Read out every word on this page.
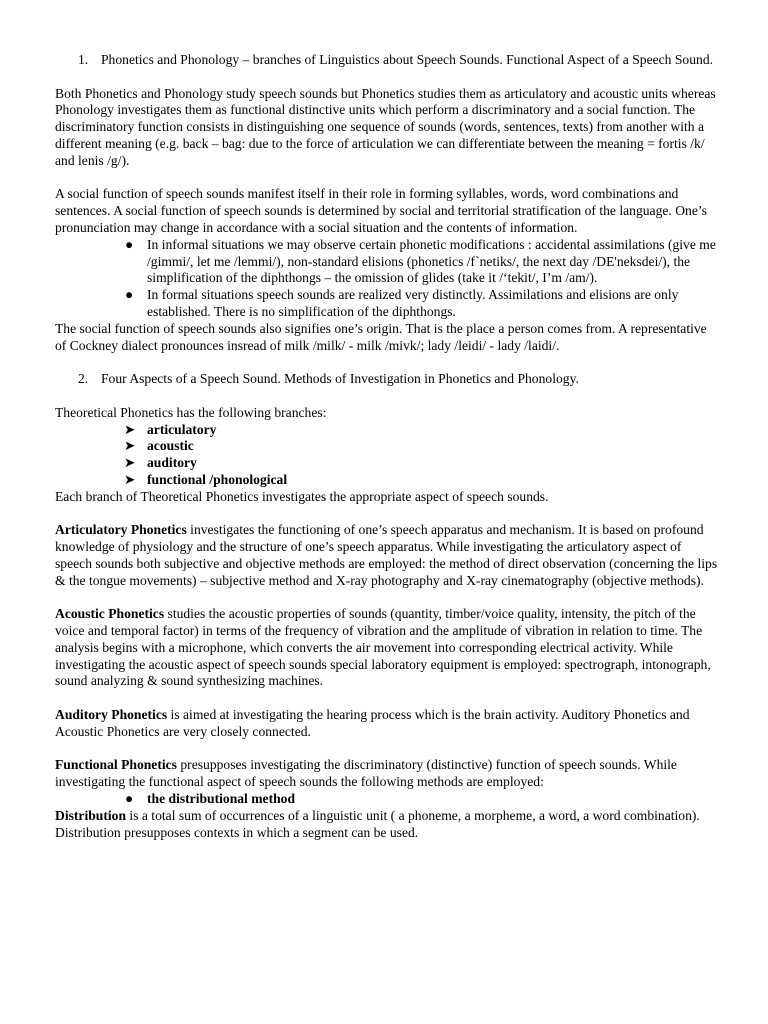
1. Phonetics and Phonology – branches of Linguistics about Speech Sounds. Functional Aspect of a Speech Sound.

Both Phonetics and Phonology study speech sounds but Phonetics studies them as articulatory and acoustic units whereas Phonology investigates them as functional distinctive units which perform a discriminatory and a social function. The discriminatory function consists in distinguishing one sequence of sounds (words, sentences, texts) from another with a different meaning (e.g. back – bag: due to the force of articulation we can differentiate between the meaning = fortis /k/ and lenis /g/).

A social function of speech sounds manifest itself in their role in forming syllables, words, word combinations and sentences. A social function of speech sounds is determined by social and territorial stratification of the language. One’s pronunciation may change in accordance with a social situation and the contents of information.

● In informal situations we may observe certain phonetic modifications : accidental assimilations (give me /gimmi/, let me /lemmi/), non-standard elisions (phonetics /f`netiks/, the next day /DE'neksdei/), the simplification of the diphthongs – the omission of glides (take it /‘tekit/, I’m /am/).
● In formal situations speech sounds are realized very distinctly. Assimilations and elisions are only established. There is no simplification of the diphthongs.

The social function of speech sounds also signifies one’s origin. That is the place a person comes from. A representative of Cockney dialect pronounces insread of milk /milk/ - milk /mivk/; lady /leidi/ - lady /laidi/.

2. Four Aspects of a Speech Sound. Methods of Investigation in Phonetics and Phonology.

Theoretical Phonetics has the following branches:

➤ articulatory
➤ acoustic
➤ auditory
➤ functional /phonological

Each branch of Theoretical Phonetics investigates the appropriate aspect of speech sounds.

Articulatory Phonetics investigates the functioning of one’s speech apparatus and mechanism. It is based on profound knowledge of physiology and the structure of one’s speech apparatus. While investigating the articulatory aspect of speech sounds both subjective and objective methods are employed: the method of direct observation (concerning the lips & the tongue movements) – subjective method and X-ray photography and X-ray cinematography (objective methods).

Acoustic Phonetics studies the acoustic properties of sounds (quantity, timber/voice quality, intensity, the pitch of the voice and temporal factor) in terms of the frequency of vibration and the amplitude of vibration in relation to time. The analysis begins with a microphone, which converts the air movement into corresponding electrical activity. While investigating the acoustic aspect of speech sounds special laboratory equipment is employed: spectrograph, intonograph, sound analyzing & sound synthesizing machines.

Auditory Phonetics is aimed at investigating the hearing process which is the brain activity. Auditory Phonetics and Acoustic Phonetics are very closely connected.

Functional Phonetics presupposes investigating the discriminatory (distinctive) function of speech sounds. While investigating the functional aspect of speech sounds the following methods are employed:

● the distributional method

Distribution is a total sum of occurrences of a linguistic unit ( a phoneme, a morpheme, a word, a word combination). Distribution presupposes contexts in which a segment can be used.
